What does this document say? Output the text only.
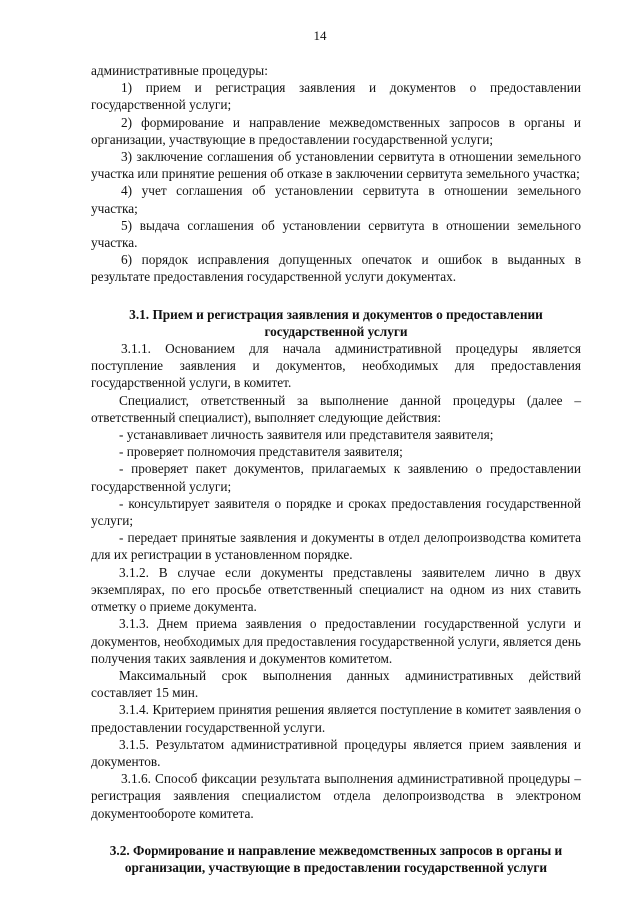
14

административные процедуры:

1) прием и регистрация заявления и документов о предоставлении государственной услуги;

2) формирование и направление межведомственных запросов в органы и организации, участвующие в предоставлении государственной услуги;

3) заключение соглашения об установлении сервитута в отношении земельного участка или принятие решения об отказе в заключении сервитута земельного участка;

4) учет соглашения об установлении сервитута в отношении земельного участка;

5) выдача соглашения об установлении сервитута в отношении земельного участка.

6) порядок исправления допущенных опечаток и ошибок в выданных в результате предоставления государственной услуги документах.

3.1. Прием и регистрация заявления и документов о предоставлении государственной услуги

3.1.1. Основанием для начала административной процедуры является поступление заявления и документов, необходимых для предоставления государственной услуги, в комитет.

Специалист, ответственный за выполнение данной процедуры (далее – ответственный специалист), выполняет следующие действия:

- устанавливает личность заявителя или представителя заявителя;

- проверяет полномочия представителя заявителя;

- проверяет пакет документов, прилагаемых к заявлению о предоставлении государственной услуги;

- консультирует заявителя о порядке и сроках предоставления государственной услуги;

- передает принятые заявления и документы в отдел делопроизводства комитета для их регистрации в установленном порядке.

3.1.2. В случае если документы представлены заявителем лично в двух экземплярах, по его просьбе ответственный специалист на одном из них ставить отметку о приеме документа.

3.1.3. Днем приема заявления о предоставлении государственной услуги и документов, необходимых для предоставления государственной услуги, является день получения таких заявления и документов комитетом.

Максимальный срок выполнения данных административных действий составляет 15 мин.

3.1.4. Критерием принятия решения является поступление в комитет заявления о предоставлении государственной услуги.

3.1.5. Результатом административной процедуры является прием заявления и документов.

3.1.6. Способ фиксации результата выполнения административной процедуры – регистрация заявления специалистом отдела делопроизводства в электроном документообороте комитета.

3.2. Формирование и направление межведомственных запросов в органы и организации, участвующие в предоставлении государственной услуги
